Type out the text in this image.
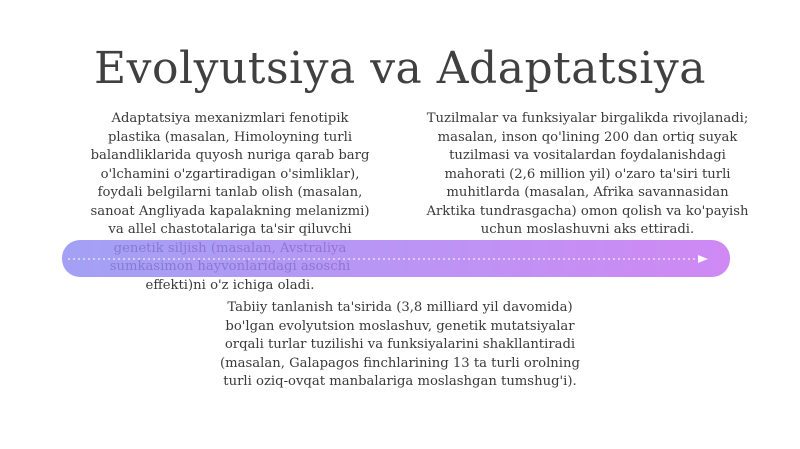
Evolyutsiya va Adaptatsiya
Adaptatsiya mexanizmlari fenotipik plastika (masalan, Himoloyning turli balandliklarida quyosh nuriga qarab barg o'lchamini o'zgartiradigan o'simliklar), foydali belgilarni tanlab olish (masalan, sanoat Angliyada kapalakning melanizmi) va allel chastotalariga ta'sir qiluvchi effekti)ni o'z ichiga oladi.
Tuzilmalar va funksiyalar birgalikda rivojlanadi; masalan, inson qo'lining 200 dan ortiq suyak tuzilmasi va vositalardan foydalanishdagi mahorati (2,6 million yil) o'zaro ta'siri turli muhitlarda (masalan, Afrika savannasidan Arktika tundrasgacha) omon qolish va ko'payish uchun moslashuvni aks ettiradi.
Tabiiy tanlanish ta'sirida (3,8 milliard yil davomida) bo'lgan evolyutsion moslashuv, genetik mutatsiyalar orqali turlar tuzilishi va funksiyalarini shakllantiradi (masalan, Galapagos finchlarining 13 ta turli orolning turli oziq-ovqat manbalariga moslashgan tumshug'i).
